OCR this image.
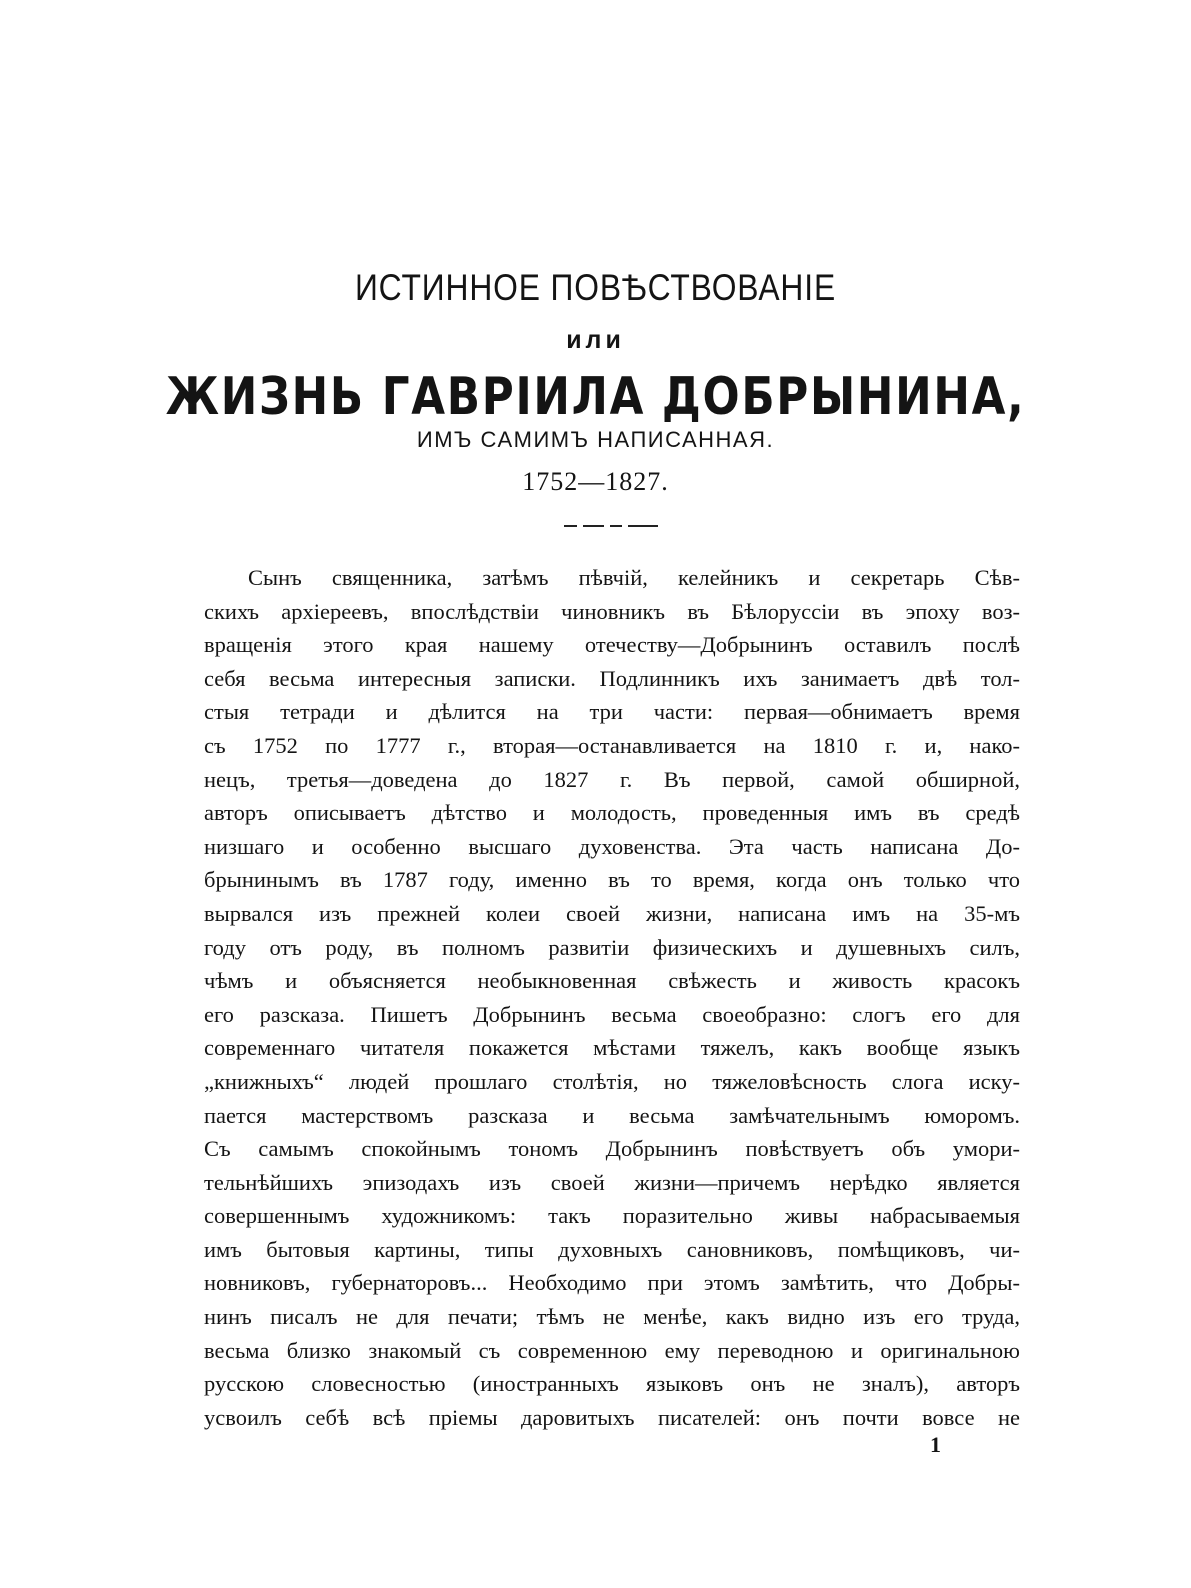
ИСТИННОЕ ПОВѢСТВОВАНІЕ
или
ЖИЗНЬ ГАВРІИЛА ДОБРЫНИНА,
ИМЪ САМИМЪ НАПИСАННАЯ.
1752—1827.
Сынъ священника, затѣмъ пѣвчій, келейникъ и секретарь Сѣв-
скихъ архіереевъ, впослѣдствіи чиновникъ въ Бѣлоруссіи въ эпоху воз-
вращенія этого края нашему отечеству—Добрынинъ оставилъ послѣ
себя весьма интересныя записки. Подлинникъ ихъ занимаетъ двѣ тол-
стыя тетради и дѣлится на три части: первая—обнимаетъ время
съ 1752 по 1777 г., вторая—останавливается на 1810 г. и, нако-
нецъ, третья—доведена до 1827 г. Въ первой, самой обширной,
авторъ описываетъ дѣтство и молодость, проведенныя имъ въ средѣ
низшаго и особенно высшаго духовенства. Эта часть написана До-
брынинымъ въ 1787 году, именно въ то время, когда онъ только что
вырвался изъ прежней колеи своей жизни, написана имъ на 35-мъ
году отъ роду, въ полномъ развитіи физическихъ и душевныхъ силъ,
чѣмъ и объясняется необыкновенная свѣжесть и живость красокъ
его разсказа. Пишетъ Добрынинъ весьма своеобразно: слогъ его для
современнаго читателя покажется мѣстами тяжелъ, какъ вообще языкъ
„книжныхъ“ людей прошлаго столѣтія, но тяжеловѣсность слога иску-
пается мастерствомъ разсказа и весьма замѣчательнымъ юморомъ.
Съ самымъ спокойнымъ тономъ Добрынинъ повѣствуетъ объ умори-
тельнѣйшихъ эпизодахъ изъ своей жизни—причемъ нерѣдко является
совершеннымъ художникомъ: такъ поразительно живы набрасываемыя
имъ бытовыя картины, типы духовныхъ сановниковъ, помѣщиковъ, чи-
новниковъ, губернаторовъ... Необходимо при этомъ замѣтить, что Добры-
нинъ писалъ не для печати; тѣмъ не менѣе, какъ видно изъ его труда,
весьма близко знакомый съ современною ему переводною и оригинальною
русскою словесностью (иностранныхъ языковъ онъ не зналъ), авторъ
усвоилъ себѣ всѣ пріемы даровитыхъ писателей: онъ почти вовсе не
1
